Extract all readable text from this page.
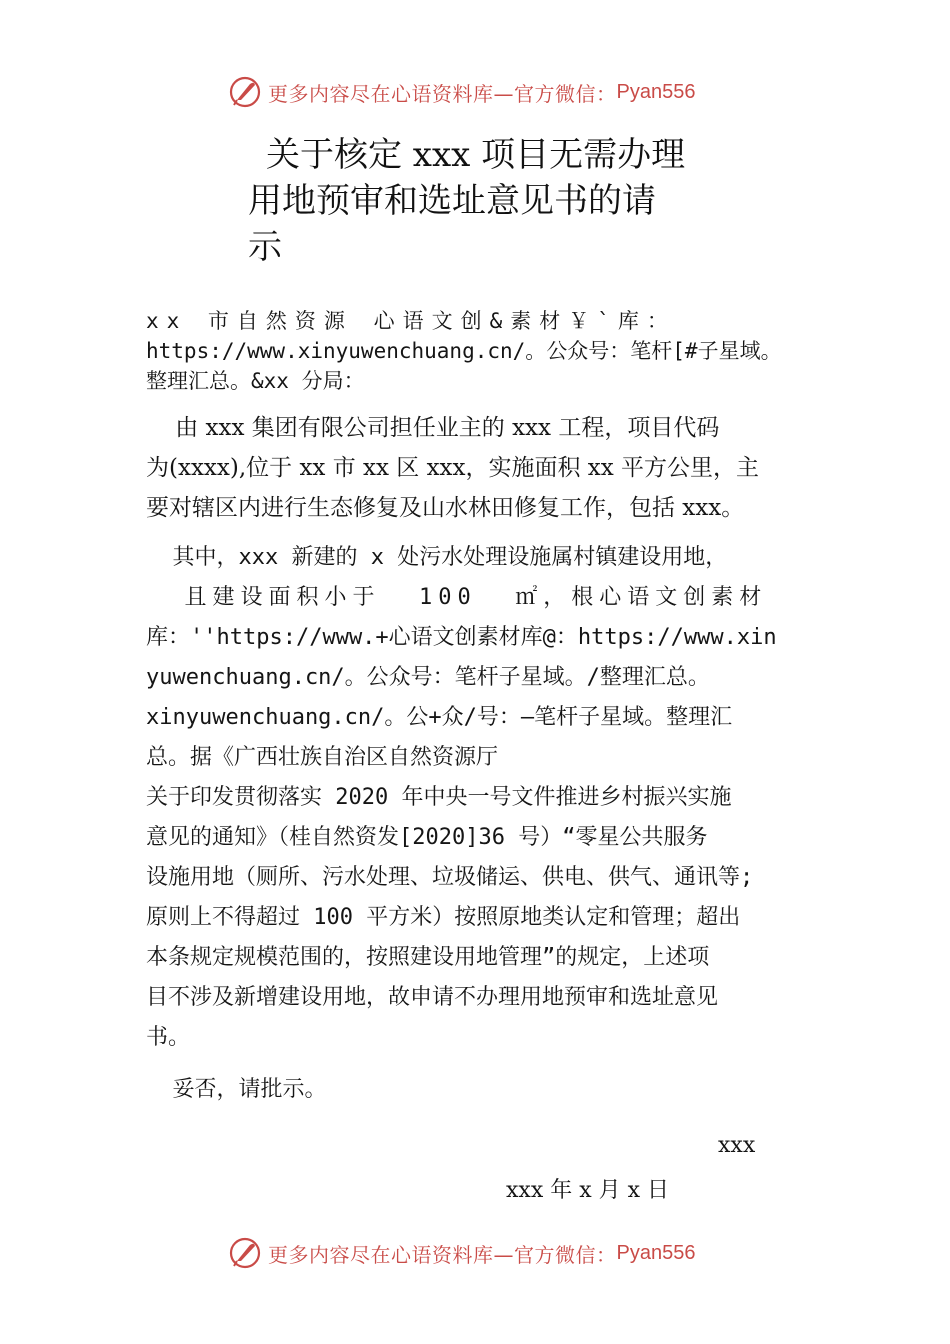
更多内容尽在心语资料库—官方微信： Pyan556
关于核定 xxx 项目无需办理
用地预审和选址意见书的请
示

xx 市自然资源 心语文创&素材￥`库：

https://www.xinyuwenchuang.cn/。公众号：笔杆[#子星域。

整理汇总。&xx 分局：

由 xxx 集团有限公司担任业主的 xxx 工程，项目代码

为(xxxx),位于 xx 市 xx 区 xxx，实施面积 xx 平方公里，主

要对辖区内进行生态修复及山水林田修复工作，包括 xxx。

其中，xxx 新建的 x 处污水处理设施属村镇建设用地，

且建设面积小于  100  ㎡，根心语文创素材

库：''https://www.+心语文创素材库@：https://www.xin

yuwenchuang.cn/。公众号：笔杆子星域。/整理汇总。

xinyuwenchuang.cn/。公+众/号：—笔杆子星域。整理汇

总。据《广西壮族自治区自然资源厅

关于印发贯彻落实 2020 年中央一号文件推进乡村振兴实施

意见的通知》（桂自然资发[2020]36 号）“零星公共服务

设施用地（厕所、污水处理、垃圾储运、供电、供气、通讯等;

原则上不得超过 100 平方米）按照原地类认定和管理；超出

本条规定规模范围的，按照建设用地管理”的规定，上述项

目不涉及新增建设用地，故申请不办理用地预审和选址意见

书。

妥否，请批示。

xxx
xxx 年 x 月 x 日
更多内容尽在心语资料库—官方微信： Pyan556
